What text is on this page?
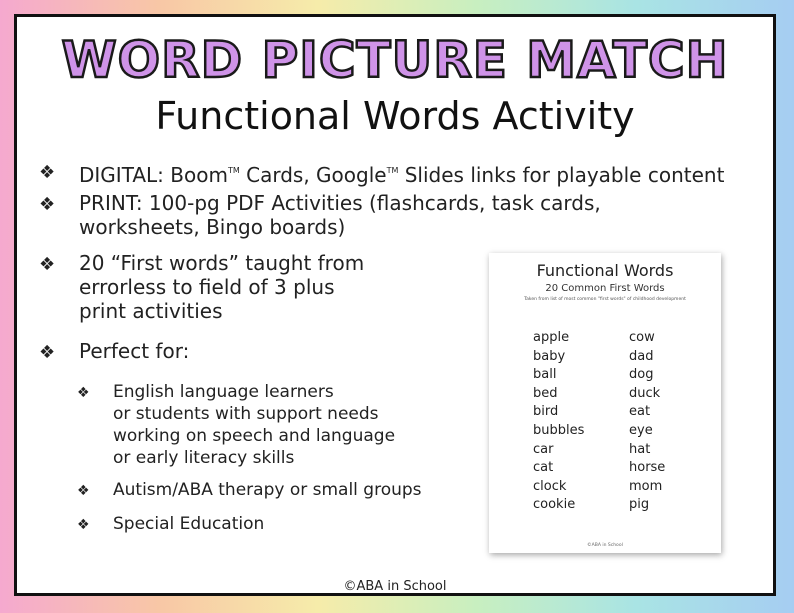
WORD PICTURE MATCH
Functional Words Activity
❖ DIGITAL: Boom™ Cards, Google™ Slides links for playable content
❖ PRINT: 100-pg PDF Activities (flashcards, task cards,
worksheets, Bingo boards)
❖ 20 “First words” taught from
errorless to field of 3 plus
print activities
❖ Perfect for:
❖ English language learners
or students with support needs
working on speech and language
or early literacy skills
❖ Autism/ABA therapy or small groups
❖ Special Education
Functional Words
20 Common First Words
Taken from list of most common "first words" of childhood development
apple
baby
ball
bed
bird
bubbles
car
cat
clock
cookie
cow
dad
dog
duck
eat
eye
hat
horse
mom
pig
©ABA in School
©ABA in School
